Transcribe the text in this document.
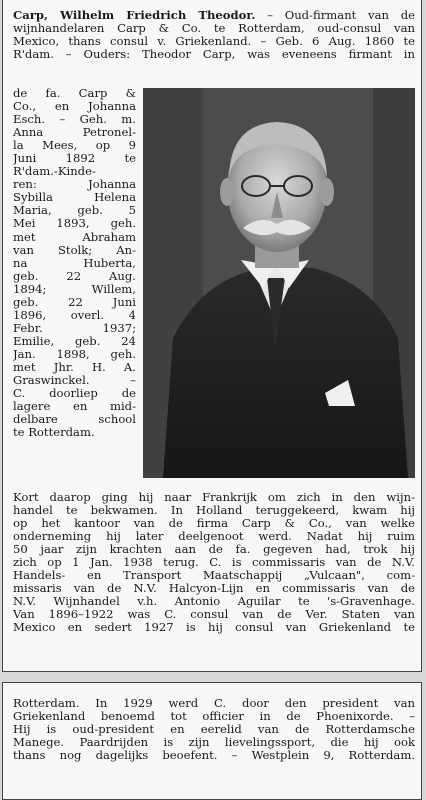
Carp, Wilhelm Friedrich Theodor. – Oud-firmant van de
wijnhandelaren Carp & Co. te Rotterdam, oud-consul van
Mexico, thans consul v. Griekenland. – Geb. 6 Aug. 1860 te
R'dam. – Ouders: Theodor Carp, was eveneens firmant in
de fa. Carp &
Co., en Johanna
Esch. – Geh. m.
Anna Petronel-
la Mees, op 9
Juni 1892 te
R'dam.-Kinde-
ren: Johanna
Sybilla Helena
Maria, geb. 5
Mei 1893, geh.
met Abraham
van Stolk; An-
na Huberta,
geb. 22 Aug.
1894; Willem,
geb. 22 Juni
1896, overl. 4
Febr. 1937;
Emilie, geb. 24
Jan. 1898, geh.
met Jhr. H. A.
Graswinckel. –
C. doorliep de
lagere en mid-
delbare school
te Rotterdam.
Kort daarop ging hij naar Frankrijk om zich in den wijn-
handel te bekwamen. In Holland teruggekeerd, kwam hij
op het kantoor van de firma Carp & Co., van welke
onderneming hij later deelgenoot werd. Nadat hij ruim
50 jaar zijn krachten aan de fa. gegeven had, trok hij
zich op 1 Jan. 1938 terug. C. is commissaris van de N.V.
Handels- en Transport Maatschappij „Vulcaan", com-
missaris van de N.V. Halcyon-Lijn en commissaris van de
N.V. Wijnhandel v.h. Antonio Aguilar te 's-Gravenhage.
Van 1896–1922 was C. consul van de Ver. Staten van
Mexico en sedert 1927 is hij consul van Griekenland te
Rotterdam. In 1929 werd C. door den president van
Griekenland benoemd tot officier in de Phoenixorde. –
Hij is oud-president en eerelid van de Rotterdamsche
Manege. Paardrijden is zijn lievelingssport, die hij ook
thans nog dagelijks beoefent. – Westplein 9, Rotterdam.
